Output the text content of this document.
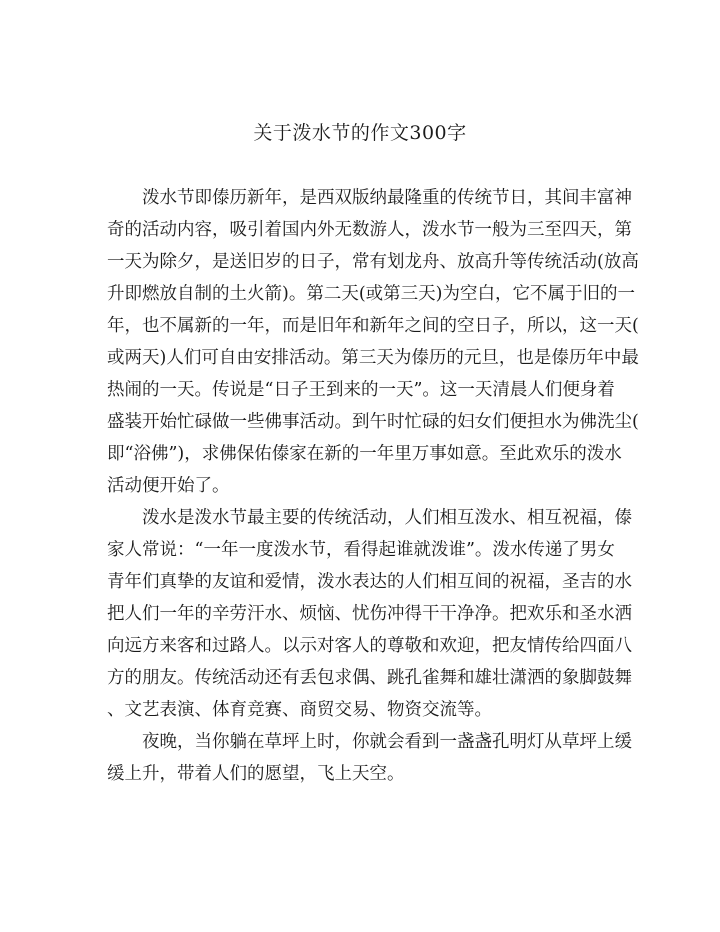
关于泼水节的作文300字
　　泼水节即傣历新年，是西双版纳最隆重的传统节日，其间丰富神
奇的活动内容，吸引着国内外无数游人，泼水节一般为三至四天，第
一天为除夕，是送旧岁的日子，常有划龙舟、放高升等传统活动(放高
升即燃放自制的土火箭)。第二天(或第三天)为空白，它不属于旧的一
年，也不属新的一年，而是旧年和新年之间的空日子，所以，这一天(
或两天)人们可自由安排活动。第三天为傣历的元旦，也是傣历年中最
热闹的一天。传说是“日子王到来的一天”。这一天清晨人们便身着
盛装开始忙碌做一些佛事活动。到午时忙碌的妇女们便担水为佛洗尘(
即“浴佛”)，求佛保佑傣家在新的一年里万事如意。至此欢乐的泼水
活动便开始了。
　　泼水是泼水节最主要的传统活动，人们相互泼水、相互祝福，傣
家人常说：“一年一度泼水节，看得起谁就泼谁”。泼水传递了男女
青年们真挚的友谊和爱情，泼水表达的人们相互间的祝福，圣吉的水
把人们一年的辛劳汗水、烦恼、忧伤冲得干干净净。把欢乐和圣水洒
向远方来客和过路人。以示对客人的尊敬和欢迎，把友情传给四面八
方的朋友。传统活动还有丢包求偶、跳孔雀舞和雄壮潇洒的象脚鼓舞
、文艺表演、体育竞赛、商贸交易、物资交流等。
　　夜晚，当你躺在草坪上时，你就会看到一盏盏孔明灯从草坪上缓
缓上升，带着人们的愿望，飞上天空。
